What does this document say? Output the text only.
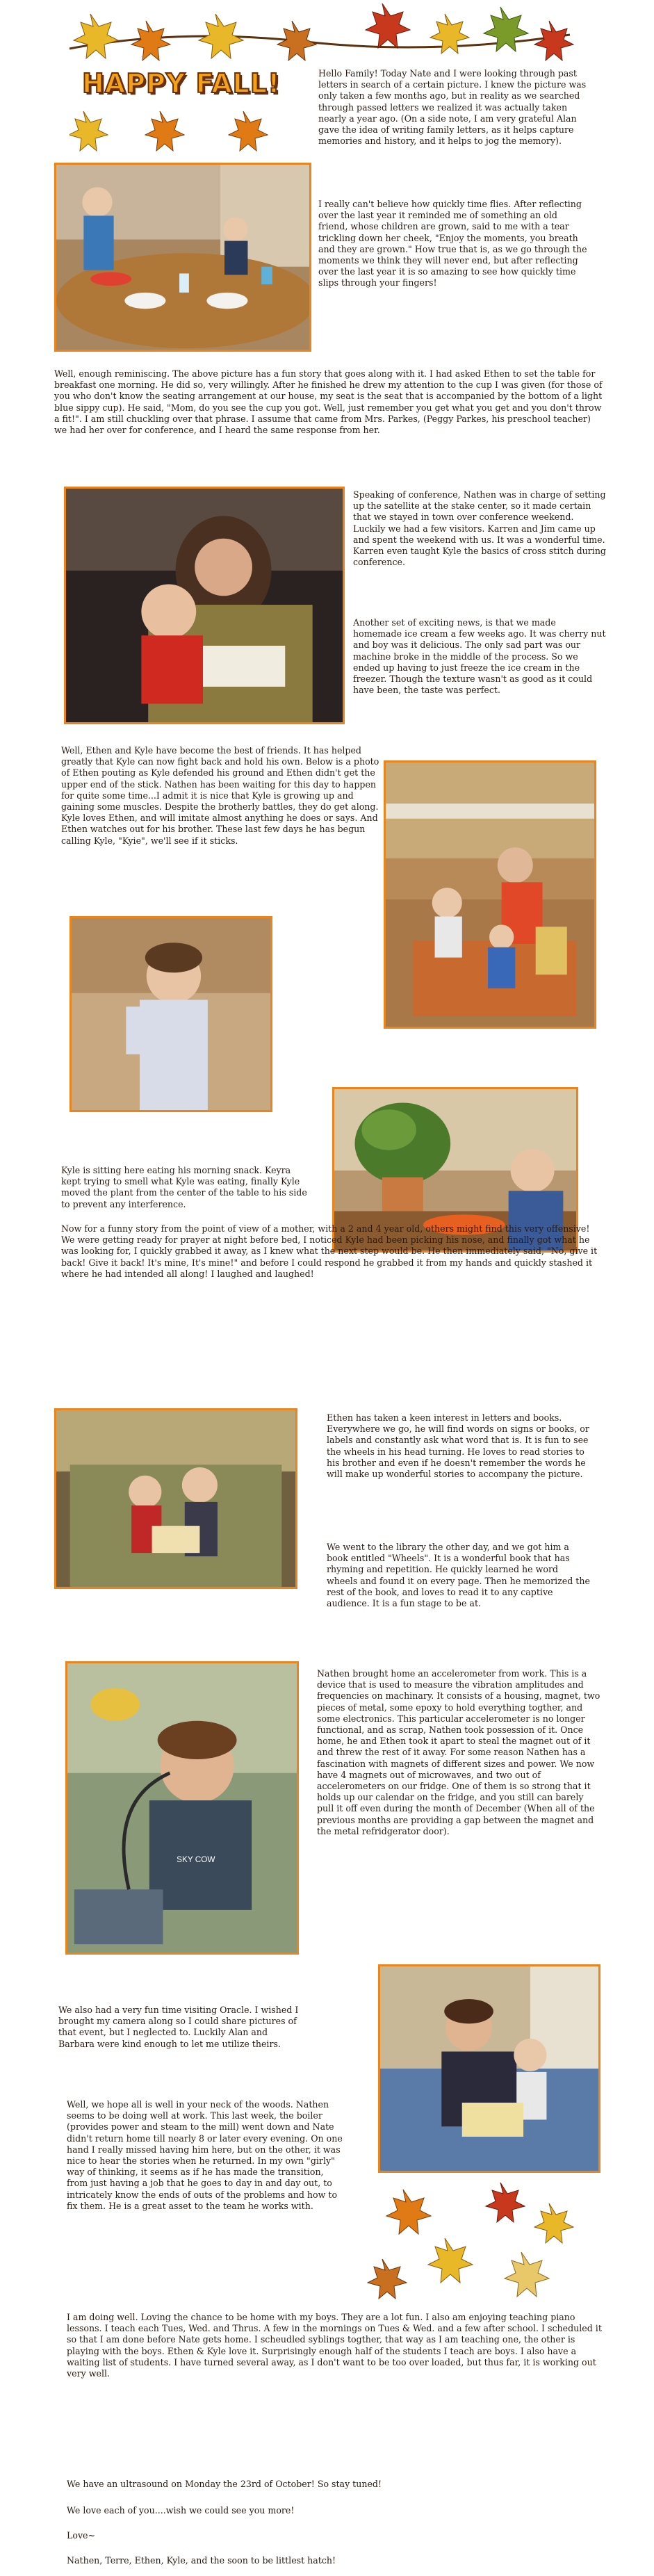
HAPPY FALL!	Hello Family! Today Nate and I were looking through past letters in search of a certain picture. I knew the picture was only taken a few months ago, but in reality as we searched through passed letters we realized it was actually taken nearly a year ago. (On a side note, I am very grateful Alan gave the idea of writing family letters, as it helps capture memories and history, and it helps to jog the memory).
I really can't believe how quickly time flies. After reflecting over the last year it reminded me of something an old friend, whose children are grown, said to me with a tear trickling down her cheek, "Enjoy the moments, you breath and they are grown." How true that is, as we go through the moments we think they will never end, but after reflecting over the last year it is so amazing to see how quickly time slips through your fingers!
Well, enough reminiscing. The above picture has a fun story that goes along with it. I had asked Ethen to set the table for breakfast one morning. He did so, very willingly. After he finished he drew my attention to the cup I was given (for those of you who don't know the seating arrangement at our house, my seat is the seat that is accompanied by the bottom of a light blue sippy cup). He said, "Mom, do you see the cup you got. Well, just remember you get what you get and you don't throw a fit!". I am still chuckling over that phrase. I assume that came from Mrs. Parkes, (Peggy Parkes, his preschool teacher) we had her over for conference, and I heard the same response from her.
Speaking of conference, Nathen was in charge of setting up the satellite at the stake center, so it made certain that we stayed in town over conference weekend. Luckily we had a few visitors. Karren and Jim came up and spent the weekend with us. It was a wonderful time. Karren even taught Kyle the basics of cross stitch during conference.
Another set of exciting news, is that we made homemade ice cream a few weeks ago. It was cherry nut and boy was it delicious. The only sad part was our machine broke in the middle of the process. So we ended up having to just freeze the ice cream in the freezer. Though the texture wasn't as good as it could have been, the taste was perfect.
Well, Ethen and Kyle have become the best of friends. It has helped greatly that Kyle can now fight back and hold his own. Below is a photo of Ethen pouting as Kyle defended his ground and Ethen didn't get the upper end of the stick. Nathen has been waiting for this day to happen for quite some time...I admit it is nice that Kyle is growing up and gaining some muscles. Despite the brotherly battles, they do get along. Kyle loves Ethen, and will imitate almost anything he does or says. And Ethen watches out for his brother. These last few days he has begun calling Kyle, "Kyie", we'll see if it sticks.
Kyle is sitting here eating his morning snack. Keyra kept trying to smell what Kyle was eating, finally Kyle moved the plant from the center of the table to his side to prevent any interference.
Now for a funny story from the point of view of a mother, with a 2 and 4 year old, others might find this very offensive! We were getting ready for prayer at night before bed, I noticed Kyle had been picking his nose, and finally got what he was looking for, I quickly grabbed it away, as I knew what the next step would be. He then immediately said, "No, give it back! Give it back! It's mine, It's mine!" and before I could respond he grabbed it from my hands and quickly stashed it where he had intended all along! I laughed and laughed!
Ethen has taken a keen interest in letters and books. Everywhere we go, he will find words on signs or books, or labels and constantly ask what word that is. It is fun to see the wheels in his head turning. He loves to read stories to his brother and even if he doesn't remember the words he will make up wonderful stories to accompany the picture.
We went to the library the other day, and we got him a book entitled "Wheels". It is a wonderful book that has rhyming and repetition. He quickly learned he word wheels and found it on every page. Then he memorized the rest of the book, and loves to read it to any captive audience. It is a fun stage to be at.
SKY COW
Nathen brought home an accelerometer from work. This is a device that is used to measure the vibration amplitudes and frequencies on machinary. It consists of a housing, magnet, two pieces of metal, some epoxy to hold everything togther, and some electronics. This particular accelerometer is no longer functional, and as scrap, Nathen took possession of it. Once home, he and Ethen took it apart to steal the magnet out of it and threw the rest of it away. For some reason Nathen has a fascination with magnets of different sizes and power. We now have 4 magnets out of microwaves, and two out of accelerometers on our fridge. One of them is so strong that it holds up our calendar on the fridge, and you still can barely pull it off even during the month of December (When all of the previous months are providing a gap between the magnet and the metal refridgerator door).
We also had a very fun time visiting Oracle. I wished I brought my camera along so I could share pictures of that event, but I neglected to. Luckily Alan and Barbara were kind enough to let me utilize theirs.
Well, we hope all is well in your neck of the woods. Nathen seems to be doing well at work. This last week, the boiler (provides power and steam to the mill) went down and Nate didn't return home till nearly 8 or later every evening. On one hand I really missed having him here, but on the other, it was nice to hear the stories when he returned. In my own "girly" way of thinking, it seems as if he has made the transition, from just having a job that he goes to day in and day out, to intricately know the ends of outs of the problems and how to fix them. He is a great asset to the team he works with.
I am doing well. Loving the chance to be home with my boys. They are a lot fun. I also am enjoying teaching piano lessons. I teach each Tues, Wed. and Thrus. A few in the mornings on Tues & Wed. and a few after school. I scheduled it so that I am done before Nate gets home. I scheudled syblings togther, that way as I am teaching one, the other is playing with the boys. Ethen & Kyle love it. Surprisingly enough half of the students I teach are boys. I also have a waiting list of students. I have turned several away, as I don't want to be too over loaded, but thus far, it is working out very well.
We have an ultrasound on Monday the 23rd of October! So stay tuned!
We love each of you....wish we could see you more!
Love~
Nathen, Terre, Ethen, Kyle, and the soon to be littlest hatch!
